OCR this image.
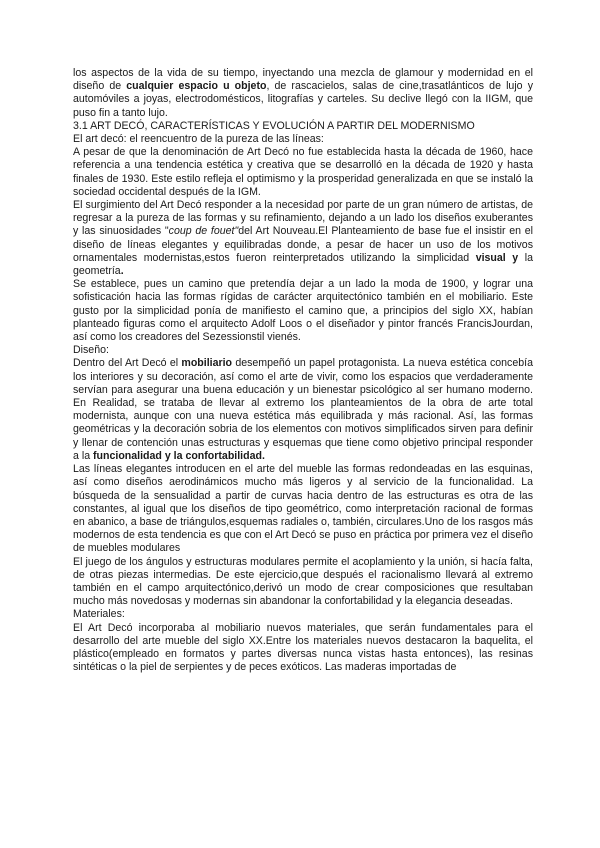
los aspectos de la vida de su tiempo, inyectando una mezcla de glamour y modernidad en el diseño de cualquier espacio u objeto, de rascacielos, salas de cine,trasatlánticos de lujo y automóviles a joyas, electrodomésticos, litografías y carteles. Su declive llegó con la IIGM, que puso fin a tanto lujo.

3.1 ART DECÓ, CARACTERÍSTICAS Y EVOLUCIÓN A PARTIR DEL MODERNISMO

El art decó: el reencuentro de la pureza de las líneas:

A pesar de que la denominación de Art Decó no fue establecida hasta la década de 1960, hace referencia a una tendencia estética y creativa que se desarrolló en la década de 1920 y hasta finales de 1930. Este estilo refleja el optimismo y la prosperidad generalizada en que se instaló la sociedad occidental después de la IGM.

El surgimiento del Art Decó responder a la necesidad por parte de un gran número de artistas, de regresar a la pureza de las formas y su refinamiento, dejando a un lado los diseños exuberantes y las sinuosidades "coup de fouet"del Art Nouveau.El Planteamiento de base fue el insistir en el diseño de líneas elegantes y equilibradas donde, a pesar de hacer un uso de los motivos ornamentales modernistas,estos fueron reinterpretados utilizando la simplicidad visual y la geometría.

Se establece, pues un camino que pretendía dejar a un lado la moda de 1900, y lograr una sofisticación hacia las formas rígidas de carácter arquitectónico también en el mobiliario. Este gusto por la simplicidad ponía de manifiesto el camino que, a principios del siglo XX, habían planteado figuras como el arquitecto Adolf Loos o el diseñador y pintor francés FrancisJourdan, así como los creadores del Sezessionstil vienés.

Diseño:

Dentro del Art Decó el mobiliario desempeñó un papel protagonista. La nueva estética concebía los interiores y su decoración, así como el arte de vivir, como los espacios que verdaderamente servían para asegurar una buena educación y un bienestar psicológico al ser humano moderno. En Realidad, se trataba de llevar al extremo los planteamientos de la obra de arte total modernista, aunque con una nueva estética más equilibrada y más racional. Así, las formas geométricas y la decoración sobria de los elementos con motivos simplificados sirven para definir y llenar de contención unas estructuras y esquemas que tiene como objetivo principal responder a la funcionalidad y la confortabilidad.

Las líneas elegantes introducen en el arte del mueble las formas redondeadas en las esquinas, así como diseños aerodinámicos mucho más ligeros y al servicio de la funcionalidad. La búsqueda de la sensualidad a partir de curvas hacia dentro de las estructuras es otra de las constantes, al igual que los diseños de tipo geométrico, como interpretación racional de formas en abanico, a base de triángulos,esquemas radiales o, también, circulares.Uno de los rasgos más modernos de esta tendencia es que con el Art Decó se puso en práctica por primera vez el diseño de muebles modulares

El juego de los ángulos y estructuras modulares permite el acoplamiento y la unión, si hacía falta, de otras piezas intermedias. De este ejercicio,que después el racionalismo llevará al extremo también en el campo arquitectónico,derivó un modo de crear composiciones que resultaban mucho más novedosas y modernas sin abandonar la confortabilidad y la elegancia deseadas.

Materiales:

El Art Decó incorporaba al mobiliario nuevos materiales, que serán fundamentales para el desarrollo del arte mueble del siglo XX.Entre los materiales nuevos destacaron la baquelita, el plástico(empleado en formatos y partes diversas nunca vistas hasta entonces), las resinas sintéticas o la piel de serpientes y de peces exóticos. Las maderas importadas de
